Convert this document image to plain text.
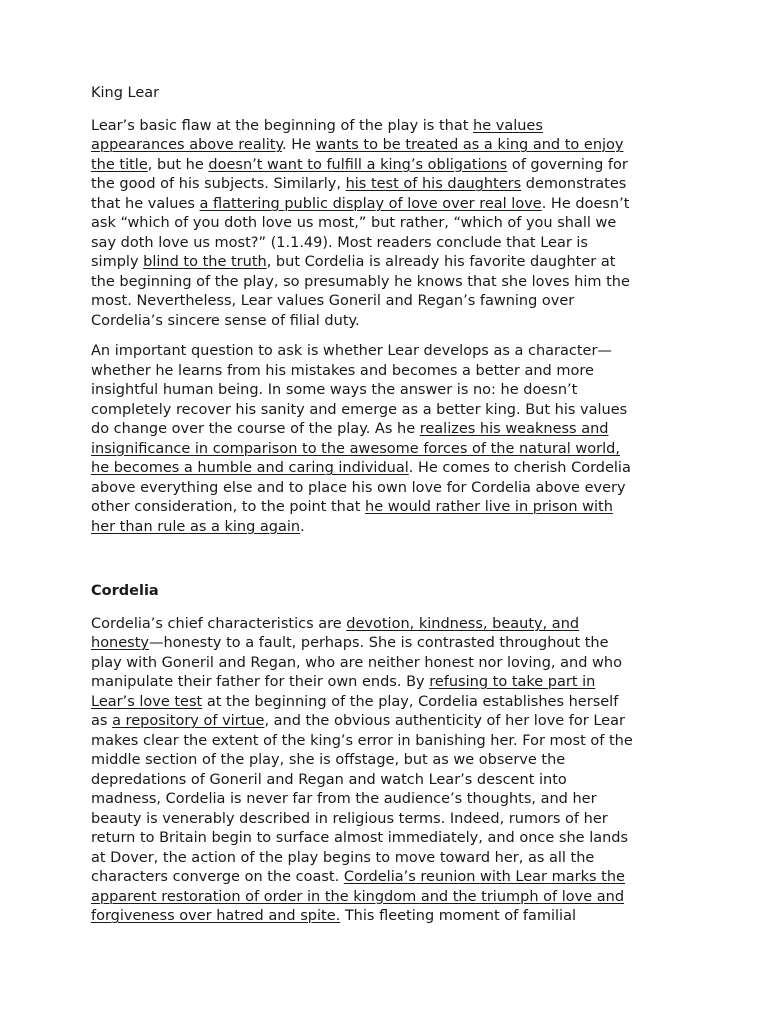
King Lear
Lear’s basic flaw at the beginning of the play is that he values
appearances above reality. He wants to be treated as a king and to enjoy
the title, but he doesn’t want to fulfill a king’s obligations of governing for
the good of his subjects. Similarly, his test of his daughters demonstrates
that he values a flattering public display of love over real love. He doesn’t
ask “which of you doth love us most,” but rather, “which of you shall we
say doth love us most?” (1.1.49). Most readers conclude that Lear is
simply blind to the truth, but Cordelia is already his favorite daughter at
the beginning of the play, so presumably he knows that she loves him the
most. Nevertheless, Lear values Goneril and Regan’s fawning over
Cordelia’s sincere sense of filial duty.
An important question to ask is whether Lear develops as a character—
whether he learns from his mistakes and becomes a better and more
insightful human being. In some ways the answer is no: he doesn’t
completely recover his sanity and emerge as a better king. But his values
do change over the course of the play. As he realizes his weakness and
insignificance in comparison to the awesome forces of the natural world,
he becomes a humble and caring individual. He comes to cherish Cordelia
above everything else and to place his own love for Cordelia above every
other consideration, to the point that he would rather live in prison with
her than rule as a king again.
Cordelia
Cordelia’s chief characteristics are devotion, kindness, beauty, and
honesty—honesty to a fault, perhaps. She is contrasted throughout the
play with Goneril and Regan, who are neither honest nor loving, and who
manipulate their father for their own ends. By refusing to take part in
Lear’s love test at the beginning of the play, Cordelia establishes herself
as a repository of virtue, and the obvious authenticity of her love for Lear
makes clear the extent of the king’s error in banishing her. For most of the
middle section of the play, she is offstage, but as we observe the
depredations of Goneril and Regan and watch Lear’s descent into
madness, Cordelia is never far from the audience’s thoughts, and her
beauty is venerably described in religious terms. Indeed, rumors of her
return to Britain begin to surface almost immediately, and once she lands
at Dover, the action of the play begins to move toward her, as all the
characters converge on the coast. Cordelia’s reunion with Lear marks the
apparent restoration of order in the kingdom and the triumph of love and
forgiveness over hatred and spite. This fleeting moment of familial
